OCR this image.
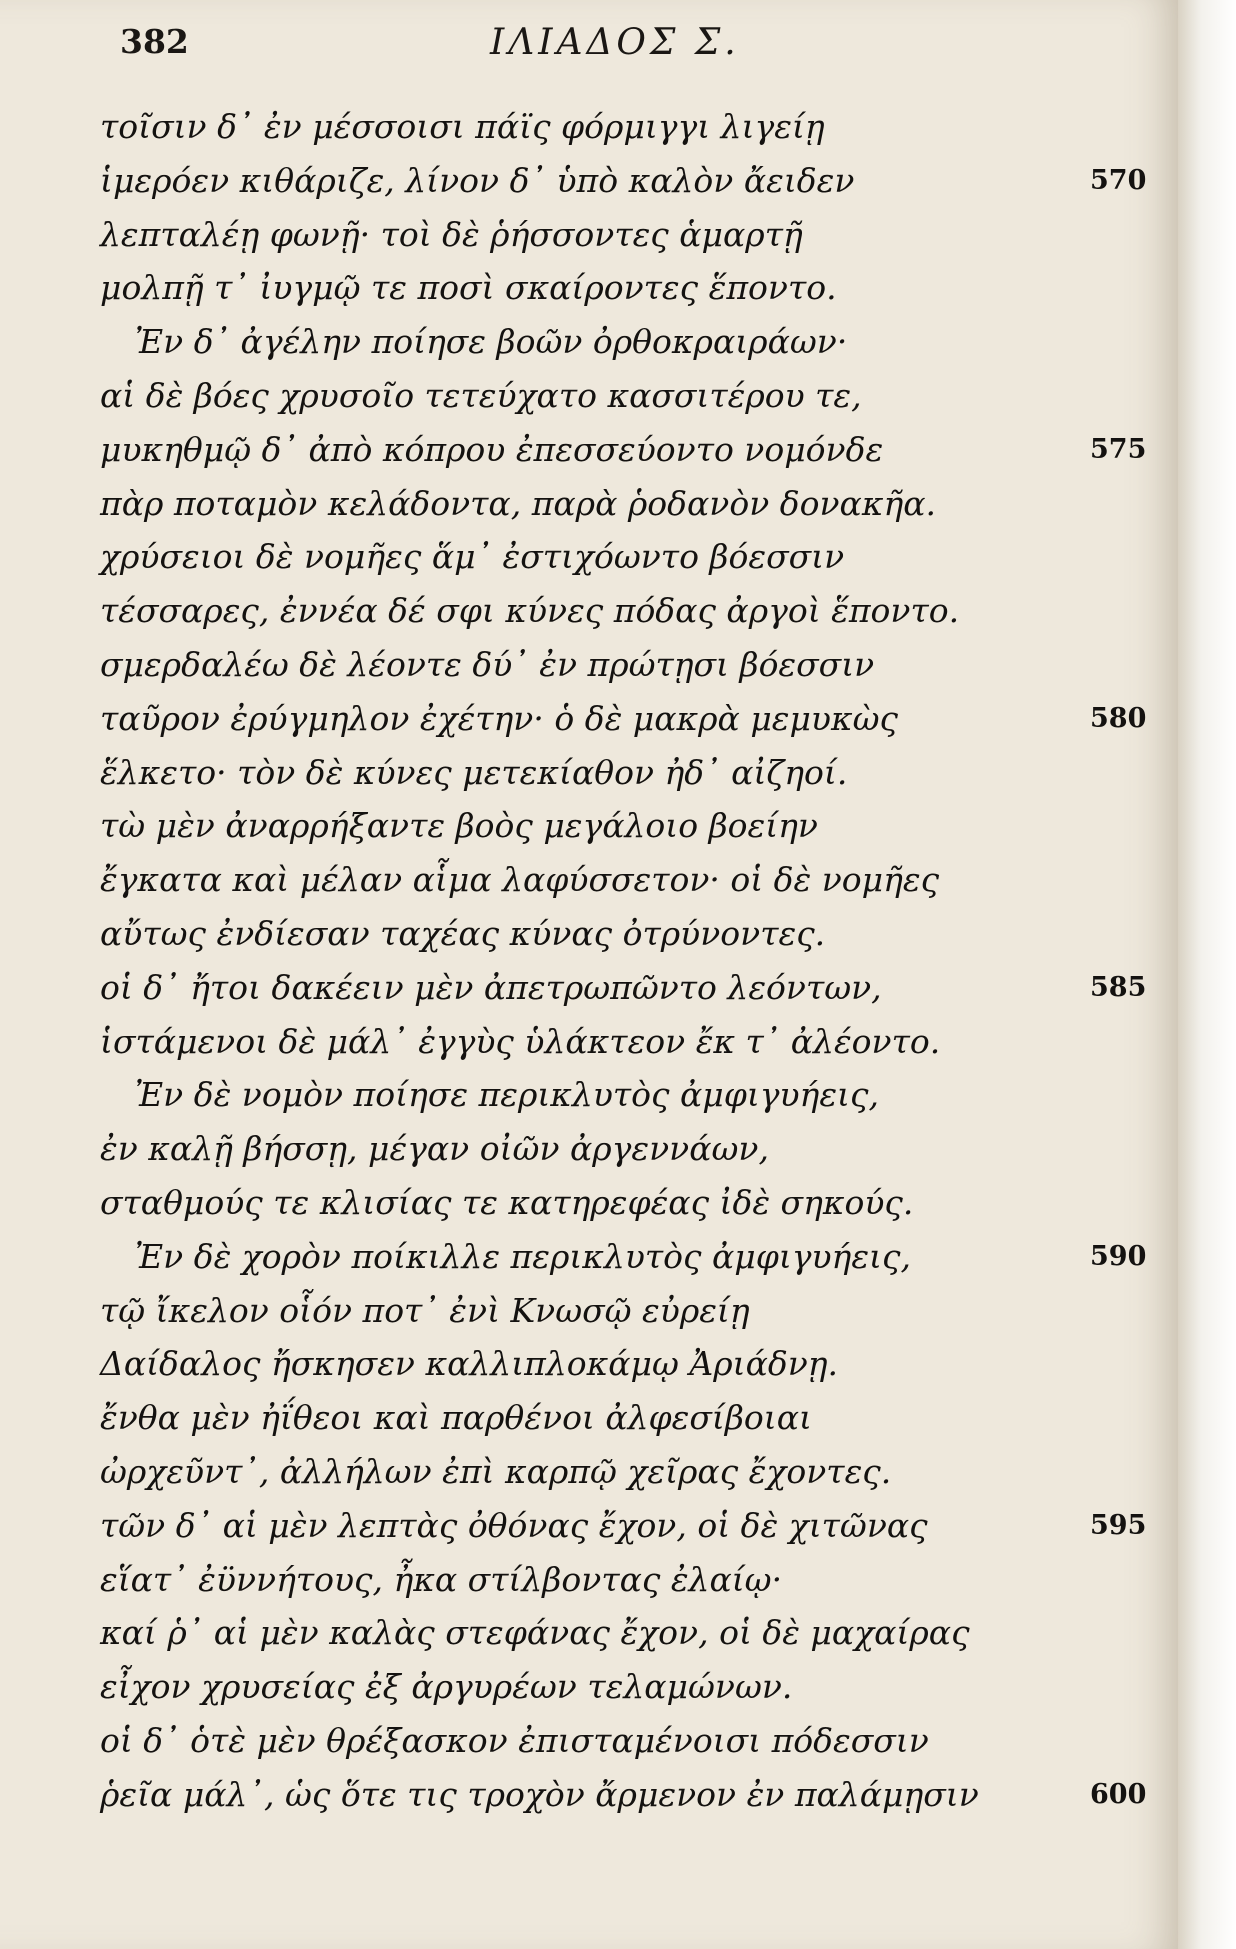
382	ΙΛΙΑΔΟΣ Σ.
τοῖσιν δ᾽ ἐν μέσσοισι πάϊς φόρμιγγι λιγείῃ
ἱμερόεν κιθάριζε, λίνον δ᾽ ὑπὸ καλὸν ἄειδεν	570
λεπταλέῃ φωνῇ· τοὶ δὲ ῥήσσοντες ἁμαρτῇ
μολπῇ τ᾽ ἰυγμῷ τε ποσὶ σκαίροντες ἕποντο.
Ἐν δ᾽ ἀγέλην ποίησε βοῶν ὀρθοκραιράων·
αἱ δὲ βόες χρυσοῖο τετεύχατο κασσιτέρου τε,
μυκηθμῷ δ᾽ ἀπὸ κόπρου ἐπεσσεύοντο νομόνδε	575
πὰρ ποταμὸν κελάδοντα, παρὰ ῥοδανὸν δονακῆα.
χρύσειοι δὲ νομῆες ἅμ᾽ ἐστιχόωντο βόεσσιν
τέσσαρες, ἐννέα δέ σφι κύνες πόδας ἀργοὶ ἕποντο.
σμερδαλέω δὲ λέοντε δύ᾽ ἐν πρώτῃσι βόεσσιν
ταῦρον ἐρύγμηλον ἐχέτην· ὁ δὲ μακρὰ μεμυκὼς	580
ἕλκετο· τὸν δὲ κύνες μετεκίαθον ἠδ᾽ αἰζηοί.
τὼ μὲν ἀναρρήξαντε βοὸς μεγάλοιο βοείην
ἔγκατα καὶ μέλαν αἷμα λαφύσσετον· οἱ δὲ νομῆες
αὔτως ἐνδίεσαν ταχέας κύνας ὀτρύνοντες.
οἱ δ᾽ ἤτοι δακέειν μὲν ἀπετρωπῶντο λεόντων,	585
ἱστάμενοι δὲ μάλ᾽ ἐγγὺς ὑλάκτεον ἔκ τ᾽ ἀλέοντο.
Ἐν δὲ νομὸν ποίησε περικλυτὸς ἀμφιγυήεις,
ἐν καλῇ βήσσῃ, μέγαν οἰῶν ἀργεννάων,
σταθμούς τε κλισίας τε κατηρεφέας ἰδὲ σηκούς.
Ἐν δὲ χορὸν ποίκιλλε περικλυτὸς ἀμφιγυήεις,	590
τῷ ἴκελον οἷόν ποτ᾽ ἐνὶ Κνωσῷ εὐρείῃ
Δαίδαλος ἤσκησεν καλλιπλοκάμῳ Ἀριάδνῃ.
ἔνθα μὲν ἠΐθεοι καὶ παρθένοι ἀλφεσίβοιαι
ὠρχεῦντ᾽, ἀλλήλων ἐπὶ καρπῷ χεῖρας ἔχοντες.
τῶν δ᾽ αἱ μὲν λεπτὰς ὀθόνας ἔχον, οἱ δὲ χιτῶνας	595
εἵατ᾽ ἐϋννήτους, ἦκα στίλβοντας ἐλαίῳ·
καί ῥ᾽ αἱ μὲν καλὰς στεφάνας ἔχον, οἱ δὲ μαχαίρας
εἶχον χρυσείας ἐξ ἀργυρέων τελαμώνων.
οἱ δ᾽ ὁτὲ μὲν θρέξασκον ἐπισταμένοισι πόδεσσιν
ῥεῖα μάλ᾽, ὡς ὅτε τις τροχὸν ἄρμενον ἐν παλάμῃσιν	600
